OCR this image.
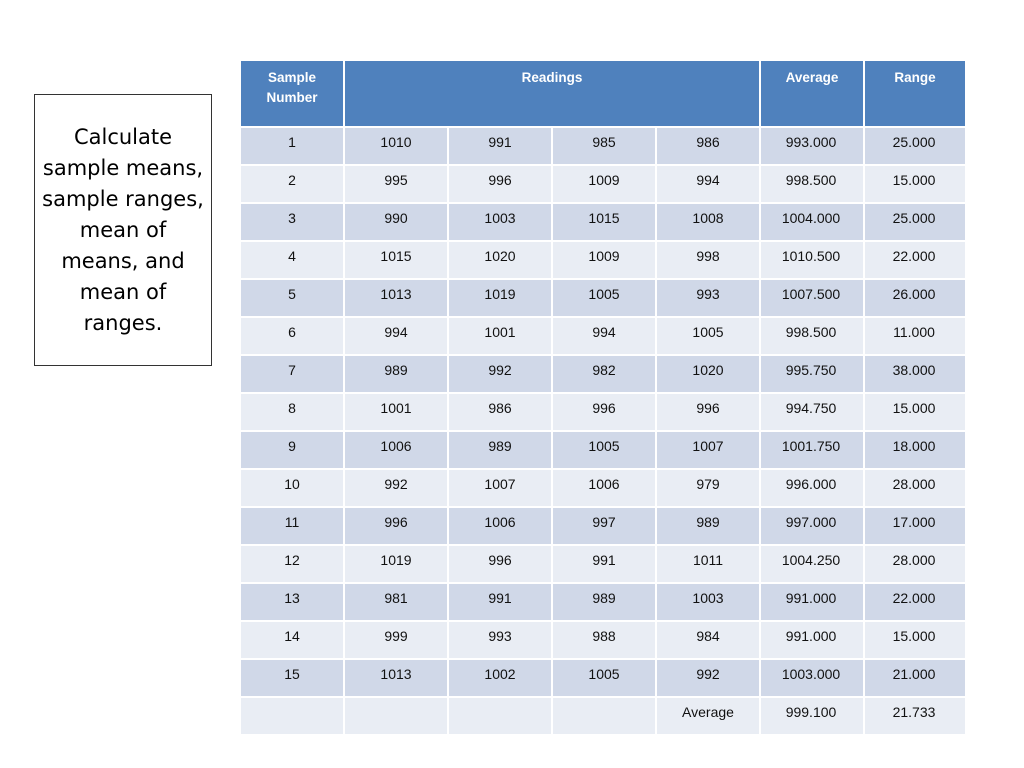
Calculate sample means, sample ranges, mean of means, and mean of ranges.
Sample Number	Readings				Average	Range
1	1010	991	985	986	993.000	25.000
2	995	996	1009	994	998.500	15.000
3	990	1003	1015	1008	1004.000	25.000
4	1015	1020	1009	998	1010.500	22.000
5	1013	1019	1005	993	1007.500	26.000
6	994	1001	994	1005	998.500	11.000
7	989	992	982	1020	995.750	38.000
8	1001	986	996	996	994.750	15.000
9	1006	989	1005	1007	1001.750	18.000
10	992	1007	1006	979	996.000	28.000
11	996	1006	997	989	997.000	17.000
12	1019	996	991	1011	1004.250	28.000
13	981	991	989	1003	991.000	22.000
14	999	993	988	984	991.000	15.000
15	1013	1002	1005	992	1003.000	21.000
				Average	999.100	21.733
